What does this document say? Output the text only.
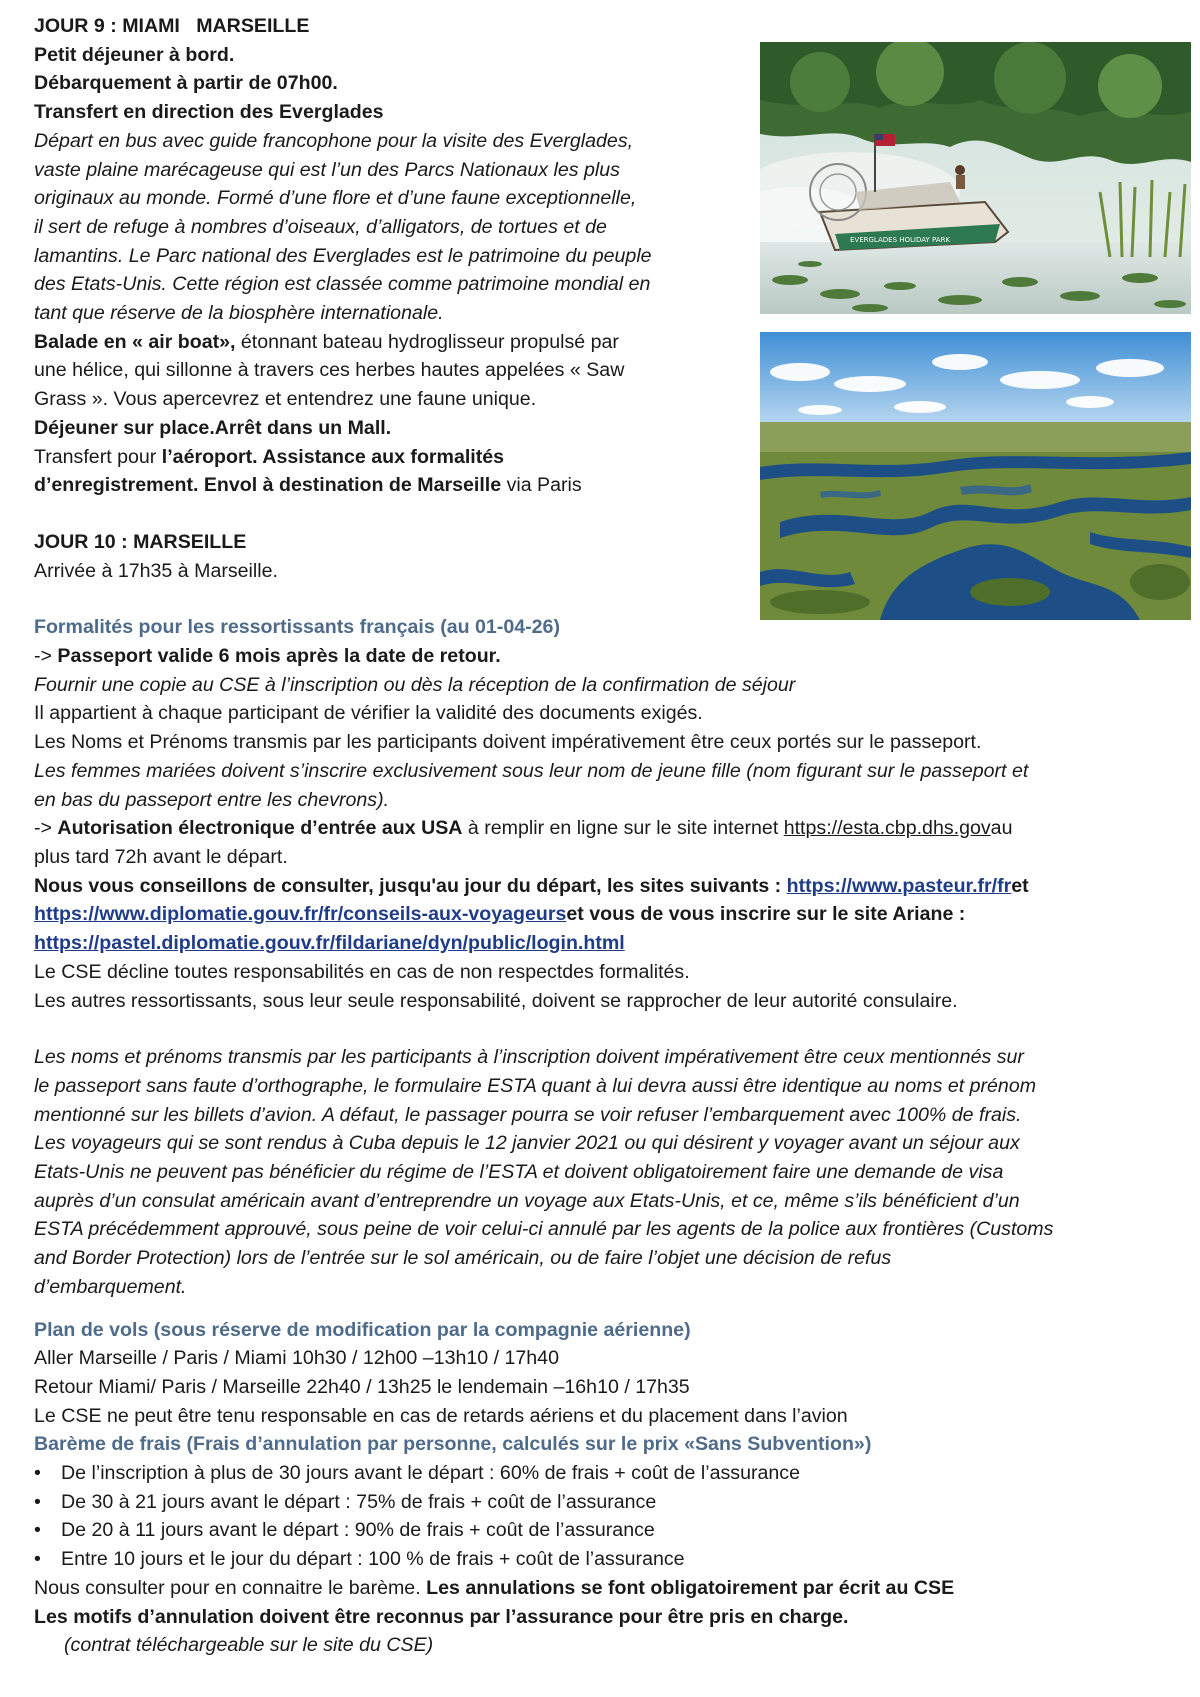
EVERGLADES HOLIDAY PARK
JOUR 9 : MIAMI   MARSEILLE
Petit déjeuner à bord.
Débarquement à partir de 07h00.
Transfert en direction des Everglades
Départ en bus avec guide francophone pour la visite des Everglades,
vaste plaine marécageuse qui est l’un des Parcs Nationaux les plus
originaux au monde. Formé d’une flore et d’une faune exceptionnelle,
il sert de refuge à nombres d’oiseaux, d’alligators, de tortues et de
lamantins. Le Parc national des Everglades est le patrimoine du peuple
des Etats-Unis. Cette région est classée comme patrimoine mondial en
tant que réserve de la biosphère internationale.
Balade en « air boat», étonnant bateau hydroglisseur propulsé par
une hélice, qui sillonne à travers ces herbes hautes appelées « Saw
Grass ». Vous apercevrez et entendrez une faune unique.
Déjeuner sur place.Arrêt dans un Mall.
Transfert pour l’aéroport. Assistance aux formalités
d’enregistrement. Envol à destination de Marseille via Paris
JOUR 10 : MARSEILLE
Arrivée à 17h35 à Marseille.
Formalités pour les ressortissants français (au 01-04-26)
-> Passeport valide 6 mois après la date de retour.
Fournir une copie au CSE à l’inscription ou dès la réception de la confirmation de séjour
Il appartient à chaque participant de vérifier la validité des documents exigés.
Les Noms et Prénoms transmis par les participants doivent impérativement être ceux portés sur le passeport.
Les femmes mariées doivent s’inscrire exclusivement sous leur nom de jeune fille (nom figurant sur le passeport et
en bas du passeport entre les chevrons).
-> Autorisation électronique d’entrée aux USA à remplir en ligne sur le site internet https://esta.cbp.dhs.govau
plus tard 72h avant le départ.
Nous vous conseillons de consulter, jusqu'au jour du départ, les sites suivants : https://www.pasteur.fr/fret
https://www.diplomatie.gouv.fr/fr/conseils-aux-voyageurset vous de vous inscrire sur le site Ariane :
https://pastel.diplomatie.gouv.fr/fildariane/dyn/public/login.html
Le CSE décline toutes responsabilités en cas de non respectdes formalités.
Les autres ressortissants, sous leur seule responsabilité, doivent se rapprocher de leur autorité consulaire.
Les noms et prénoms transmis par les participants à l’inscription doivent impérativement être ceux mentionnés sur
le passeport sans faute d’orthographe, le formulaire ESTA quant à lui devra aussi être identique au noms et prénom
mentionné sur les billets d’avion. A défaut, le passager pourra se voir refuser l’embarquement avec 100% de frais.
Les voyageurs qui se sont rendus à Cuba depuis le 12 janvier 2021 ou qui désirent y voyager avant un séjour aux
Etats-Unis ne peuvent pas bénéficier du régime de l’ESTA et doivent obligatoirement faire une demande de visa
auprès d’un consulat américain avant d’entreprendre un voyage aux Etats-Unis, et ce, même s’ils bénéficient d’un
ESTA précédemment approuvé, sous peine de voir celui-ci annulé par les agents de la police aux frontières (Customs
and Border Protection) lors de l’entrée sur le sol américain, ou de faire l’objet une décision de refus
d’embarquement.
Plan de vols (sous réserve de modification par la compagnie aérienne)
Aller Marseille / Paris / Miami 10h30 / 12h00 –13h10 / 17h40
Retour Miami/ Paris / Marseille 22h40 / 13h25 le lendemain –16h10 / 17h35
Le CSE ne peut être tenu responsable en cas de retards aériens et du placement dans l’avion
Barème de frais (Frais d’annulation par personne, calculés sur le prix «Sans Subvention»)
• De l’inscription à plus de 30 jours avant le départ : 60% de frais + coût de l’assurance
• De 30 à 21 jours avant le départ : 75% de frais + coût de l’assurance
• De 20 à 11 jours avant le départ : 90% de frais + coût de l’assurance
• Entre 10 jours et le jour du départ : 100 % de frais + coût de l’assurance
Nous consulter pour en connaitre le barème. Les annulations se font obligatoirement par écrit au CSE
Les motifs d’annulation doivent être reconnus par l’assurance pour être pris en charge.
(contrat téléchargeable sur le site du CSE)
